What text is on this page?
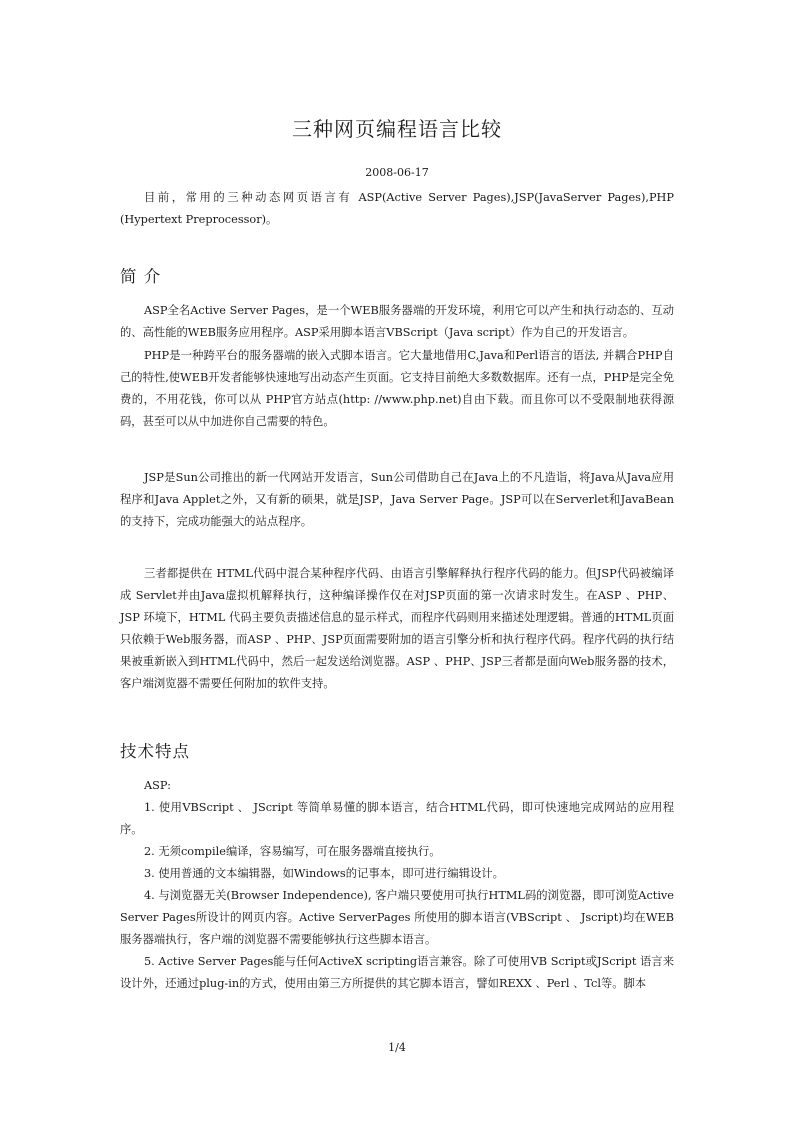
三种网页编程语言比较
2008-06-17

目前，常用的三种动态网页语言有 ASP(Active Server Pages),JSP(JavaServer Pages),PHP (Hypertext Preprocessor)。

简 介

ASP全名Active Server Pages，是一个WEB服务器端的开发环境，利用它可以产生和执行动态的、互动的、高性能的WEB服务应用程序。ASP采用脚本语言VBScript（Java script）作为自己的开发语言。

PHP是一种跨平台的服务器端的嵌入式脚本语言。它大量地借用C,Java和Perl语言的语法, 并耦合PHP自己的特性,使WEB开发者能够快速地写出动态产生页面。它支持目前绝大多数数据库。还有一点，PHP是完全免费的，不用花钱，你可以从 PHP官方站点(http: //www.php.net)自由下载。而且你可以不受限制地获得源码，甚至可以从中加进你自己需要的特色。

JSP是Sun公司推出的新一代网站开发语言，Sun公司借助自己在Java上的不凡造诣，将Java从Java应用程序和Java Applet之外，又有新的硕果，就是JSP，Java Server Page。JSP可以在Serverlet和JavaBean的支持下，完成功能强大的站点程序。

三者都提供在 HTML代码中混合某种程序代码、由语言引擎解释执行程序代码的能力。但JSP代码被编译成 Servlet并由Java虚拟机解释执行，这种编译操作仅在对JSP页面的第一次请求时发生。在ASP 、PHP、JSP 环境下，HTML 代码主要负责描述信息的显示样式，而程序代码则用来描述处理逻辑。普通的HTML页面只依赖于Web服务器，而ASP 、PHP、JSP页面需要附加的语言引擎分析和执行程序代码。程序代码的执行结果被重新嵌入到HTML代码中，然后一起发送给浏览器。ASP 、PHP、JSP三者都是面向Web服务器的技术，客户端浏览器不需要任何附加的软件支持。

技术特点

ASP:

1. 使用VBScript 、 JScript 等简单易懂的脚本语言，结合HTML代码，即可快速地完成网站的应用程序。

2. 无须compile编译，容易编写，可在服务器端直接执行。

3. 使用普通的文本编辑器，如Windows的记事本，即可进行编辑设计。

4. 与浏览器无关(Browser Independence), 客户端只要使用可执行HTML码的浏览器，即可浏览Active Server Pages所设计的网页内容。Active ServerPages 所使用的脚本语言(VBScript 、 Jscript)均在WEB服务器端执行，客户端的浏览器不需要能够执行这些脚本语言。

5. Active Server Pages能与任何ActiveX scripting语言兼容。除了可使用VB Script或JScript 语言来设计外，还通过plug-in的方式，使用由第三方所提供的其它脚本语言，譬如REXX 、Perl 、Tcl等。脚本

1/4
